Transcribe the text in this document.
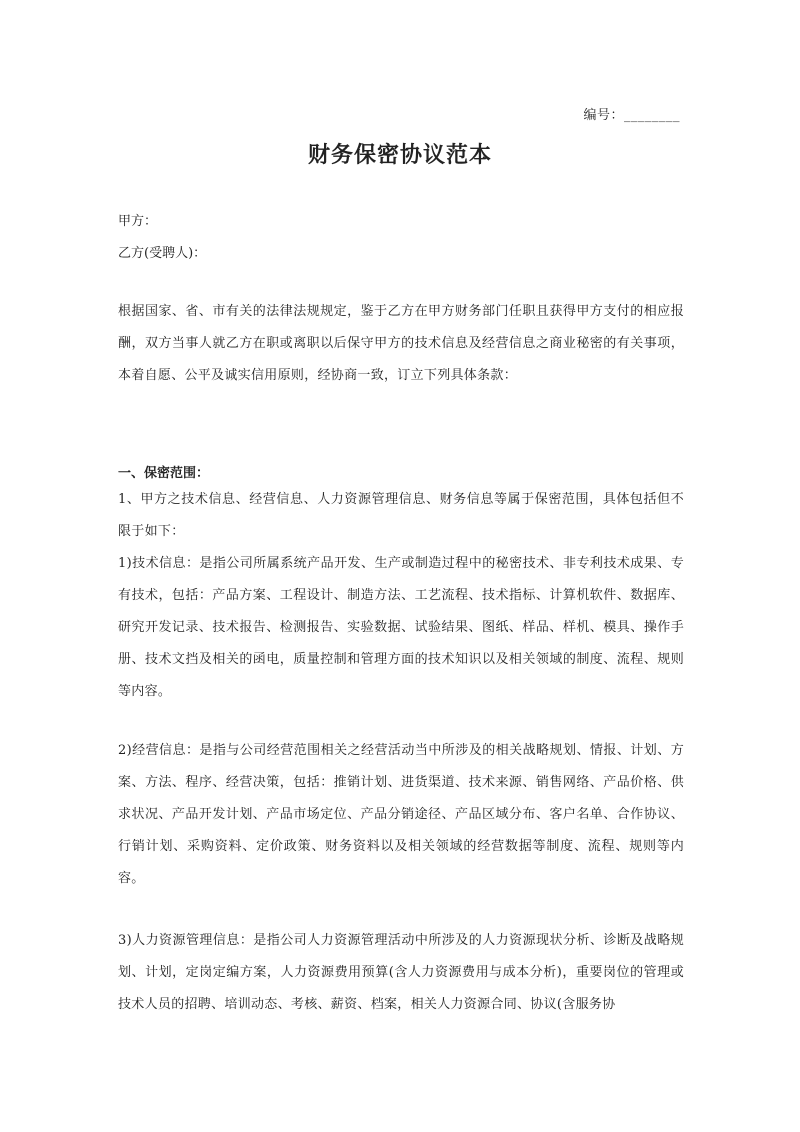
编号：________
财务保密协议范本
甲方：
乙方(受聘人)：
根据国家、省、市有关的法律法规规定，鉴于乙方在甲方财务部门任职且获得甲方支付的相应报酬，双方当事人就乙方在职或离职以后保守甲方的技术信息及经营信息之商业秘密的有关事项，本着自愿、公平及诚实信用原则，经协商一致，订立下列具体条款：
一、保密范围：
1、甲方之技术信息、经营信息、人力资源管理信息、财务信息等属于保密范围，具体包括但不限于如下：
1)技术信息：是指公司所属系统产品开发、生产或制造过程中的秘密技术、非专利技术成果、专有技术，包括：产品方案、工程设计、制造方法、工艺流程、技术指标、计算机软件、数据库、研究开发记录、技术报告、检测报告、实验数据、试验结果、图纸、样品、样机、模具、操作手册、技术文挡及相关的函电，质量控制和管理方面的技术知识以及相关领域的制度、流程、规则等内容。
2)经营信息：是指与公司经营范围相关之经营活动当中所涉及的相关战略规划、情报、计划、方案、方法、程序、经营决策，包括：推销计划、进货渠道、技术来源、销售网络、产品价格、供求状况、产品开发计划、产品市场定位、产品分销途径、产品区域分布、客户名单、合作协议、行销计划、采购资料、定价政策、财务资料以及相关领域的经营数据等制度、流程、规则等内容。
3)人力资源管理信息：是指公司人力资源管理活动中所涉及的人力资源现状分析、诊断及战略规划、计划，定岗定编方案，人力资源费用预算(含人力资源费用与成本分析)，重要岗位的管理或技术人员的招聘、培训动态、考核、薪资、档案，相关人力资源合同、协议(含服务协
